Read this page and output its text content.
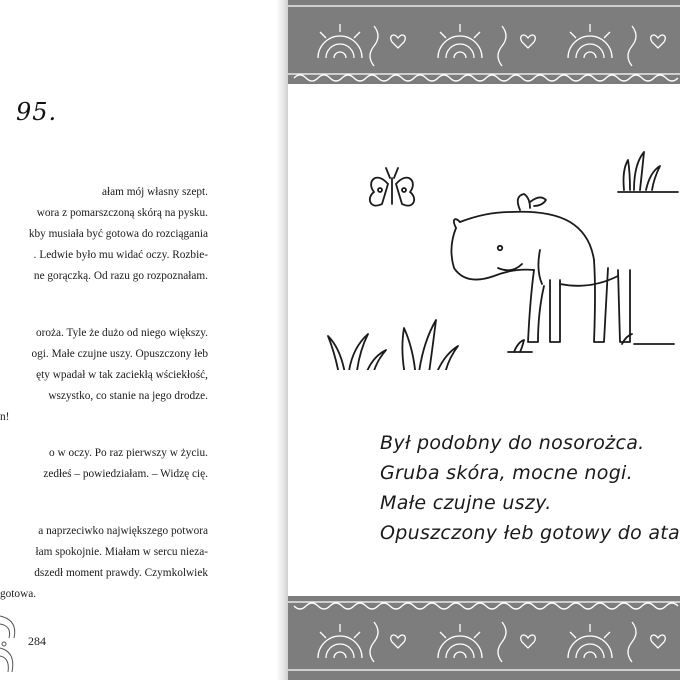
95.
ałam mój własny szept.
wora z pomarszczoną skórą na pysku.
kby musiała być gotowa do rozciągania
. Ledwie było mu widać oczy. Rozbie-
ne gorączką. Od razu go rozpoznałam.
oroża. Tyle że dużo od niego większy.
ogi. Małe czujne uszy. Opuszczony łeb
ęty wpadał w tak zaciekłą wściekłość,
wszystko, co stanie na jego drodze.
n!
o w oczy. Po raz pierwszy w życiu.
zedłeś – powiedziałam. – Widzę cię.
a naprzeciwko największego potwora
łam spokojnie. Miałam w sercu nieza-
dszedł moment prawdy. Czymkolwiek
gotowa.
284
Był podobny do nosorożca.
Gruba skóra, mocne nogi.
Małe czujne uszy.
Opuszczony łeb gotowy do ata
